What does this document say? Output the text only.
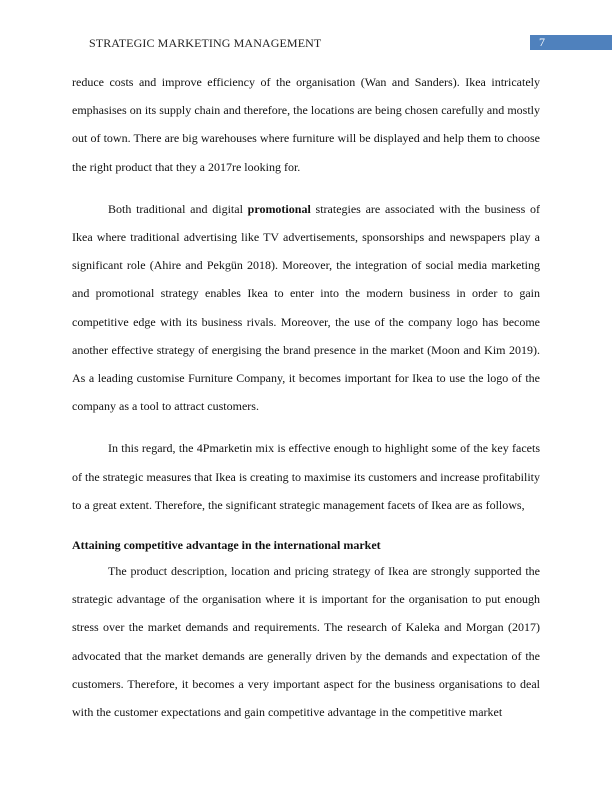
STRATEGIC MARKETING MANAGEMENT	7

reduce costs and improve efficiency of the organisation (Wan and Sanders). Ikea intricately emphasises on its supply chain and therefore, the locations are being chosen carefully and mostly out of town. There are big warehouses where furniture will be displayed and help them to choose the right product that they a 2017re looking for.

Both traditional and digital promotional strategies are associated with the business of Ikea where traditional advertising like TV advertisements, sponsorships and newspapers play a significant role (Ahire and Pekgün 2018). Moreover, the integration of social media marketing and promotional strategy enables Ikea to enter into the modern business in order to gain competitive edge with its business rivals. Moreover, the use of the company logo has become another effective strategy of energising the brand presence in the market (Moon and Kim 2019). As a leading customise Furniture Company, it becomes important for Ikea to use the logo of the company as a tool to attract customers.

In this regard, the 4Pmarketin mix is effective enough to highlight some of the key facets of the strategic measures that Ikea is creating to maximise its customers and increase profitability to a great extent. Therefore, the significant strategic management facets of Ikea are as follows,

Attaining competitive advantage in the international market

The product description, location and pricing strategy of Ikea are strongly supported the strategic advantage of the organisation where it is important for the organisation to put enough stress over the market demands and requirements. The research of Kaleka and Morgan (2017) advocated that the market demands are generally driven by the demands and expectation of the customers. Therefore, it becomes a very important aspect for the business organisations to deal with the customer expectations and gain competitive advantage in the competitive market
